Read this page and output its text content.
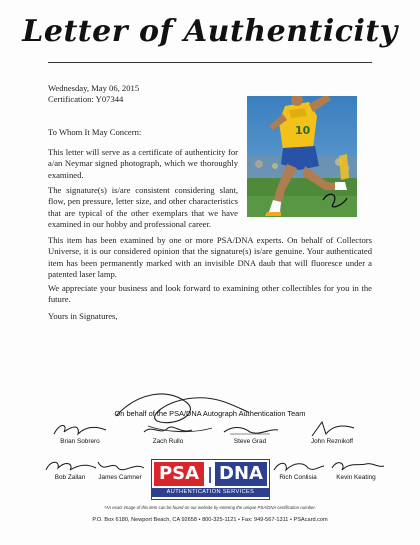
Letter of Authenticity
Wednesday, May 06, 2015
Certification: Y07344
10
To Whom It May Concern:
This letter will serve as a certificate of authenticity for a/an Neymar signed photograph, which we thoroughly examined.
The signature(s) is/are consistent considering slant, flow, pen pressure, letter size, and other characteristics that are typical of the other exemplars that we have examined in our hobby and professional career.
This item has been examined by one or more PSA/DNA experts. On behalf of Collectors Universe, it is our considered opinion that the signature(s) is/are genuine. Your authenticated item has been permanently marked with an invisible DNA daub that will fluoresce under a patented laser lamp.
We appreciate your business and look forward to examining other collectibles for you in the future.
Yours in Signatures,
On behalf of the PSA/DNA Autograph Authentication Team
Brian Sobrero	Zach Rullo	Steve Grad	John Reznikoff
Bob Zallan	James Camner	Rich Conlisia	Kevin Keating
PSA | DNA
AUTHENTICATION SERVICES
*An exact image of this item can be found on our website by entering the unique PSA/DNA certification number.
P.O. Box 6180, Newport Beach, CA 92658 • 800-325-1121 • Fax: 949-567-1311 • PSAcard.com
